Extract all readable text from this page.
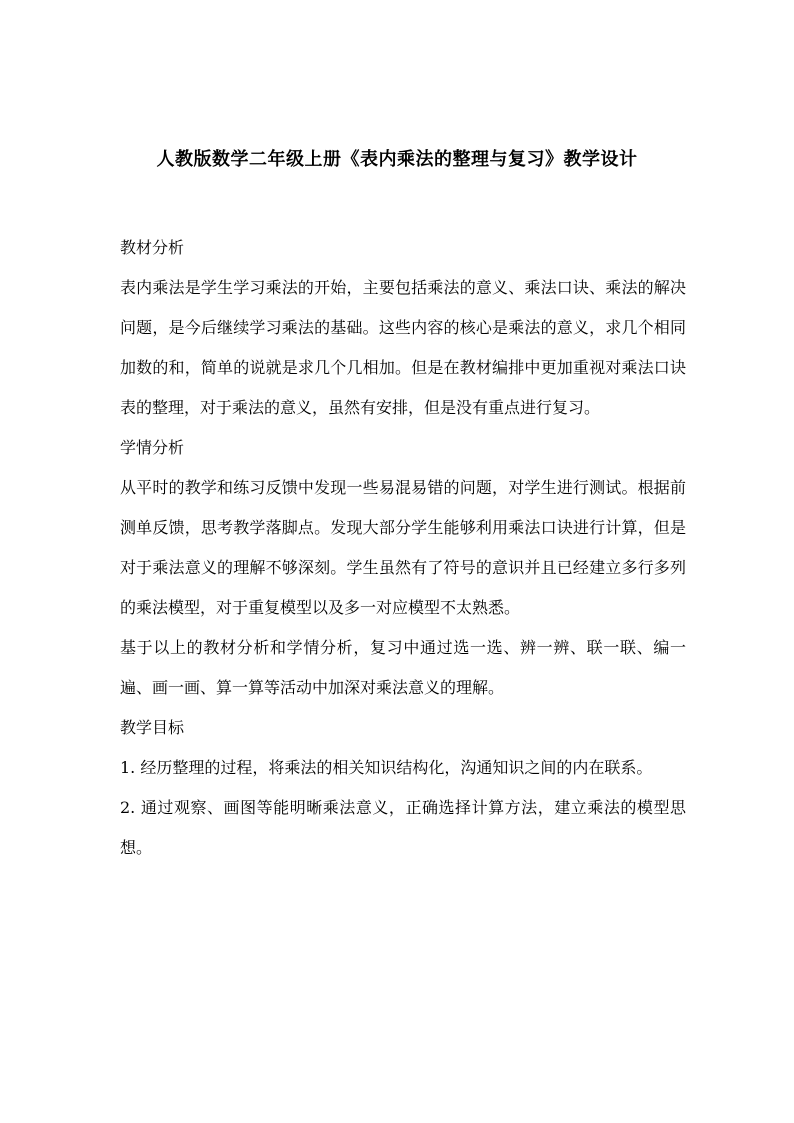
人教版数学二年级上册《表内乘法的整理与复习》教学设计

教材分析

表内乘法是学生学习乘法的开始，主要包括乘法的意义、乘法口诀、乘法的解决问题，是今后继续学习乘法的基础。这些内容的核心是乘法的意义，求几个相同加数的和，简单的说就是求几个几相加。但是在教材编排中更加重视对乘法口诀表的整理，对于乘法的意义，虽然有安排，但是没有重点进行复习。

学情分析

从平时的教学和练习反馈中发现一些易混易错的问题，对学生进行测试。根据前测单反馈，思考教学落脚点。发现大部分学生能够利用乘法口诀进行计算，但是对于乘法意义的理解不够深刻。学生虽然有了符号的意识并且已经建立多行多列的乘法模型，对于重复模型以及多一对应模型不太熟悉。

基于以上的教材分析和学情分析，复习中通过选一选、辨一辨、联一联、编一遍、画一画、算一算等活动中加深对乘法意义的理解。

教学目标

1. 经历整理的过程，将乘法的相关知识结构化，沟通知识之间的内在联系。

2. 通过观察、画图等能明晰乘法意义，正确选择计算方法，建立乘法的模型思想。
